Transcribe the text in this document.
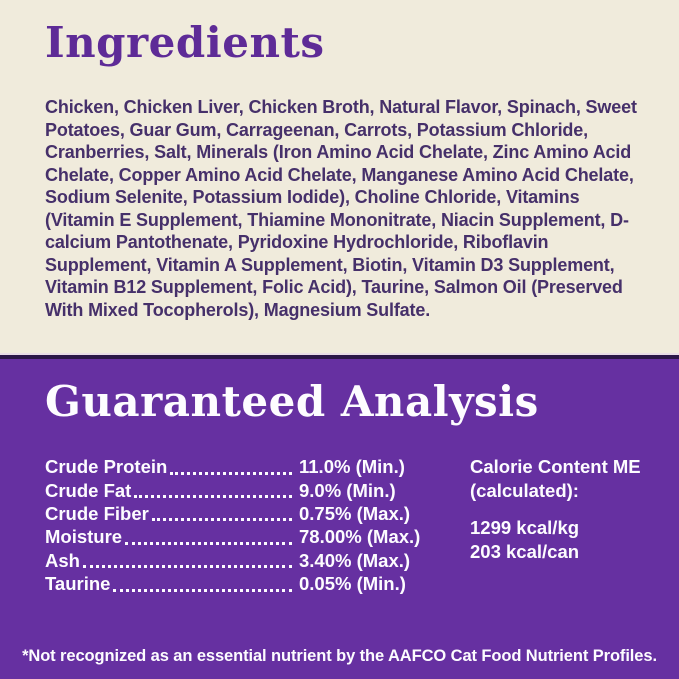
Ingredients

Chicken, Chicken Liver, Chicken Broth, Natural Flavor, Spinach, Sweet Potatoes, Guar Gum, Carrageenan, Carrots, Potassium Chloride, Cranberries, Salt, Minerals (Iron Amino Acid Chelate, Zinc Amino Acid Chelate, Copper Amino Acid Chelate, Manganese Amino Acid Chelate, Sodium Selenite, Potassium Iodide), Choline Chloride, Vitamins (Vitamin E Supplement, Thiamine Mononitrate, Niacin Supplement, D-calcium Pantothenate, Pyridoxine Hydrochloride, Riboflavin Supplement, Vitamin A Supplement, Biotin, Vitamin D3 Supplement, Vitamin B12 Supplement, Folic Acid), Taurine, Salmon Oil (Preserved With Mixed Tocopherols), Magnesium Sulfate.

Guaranteed Analysis
Crude Protein	11.0% (Min.)
Crude Fat	9.0% (Min.)
Crude Fiber	0.75% (Max.)
Moisture	78.00% (Max.)
Ash	3.40% (Max.)
Taurine	0.05% (Min.)
Calorie Content ME (calculated):
1299 kcal/kg
203 kcal/can
*Not recognized as an essential nutrient by the AAFCO Cat Food Nutrient Profiles.
